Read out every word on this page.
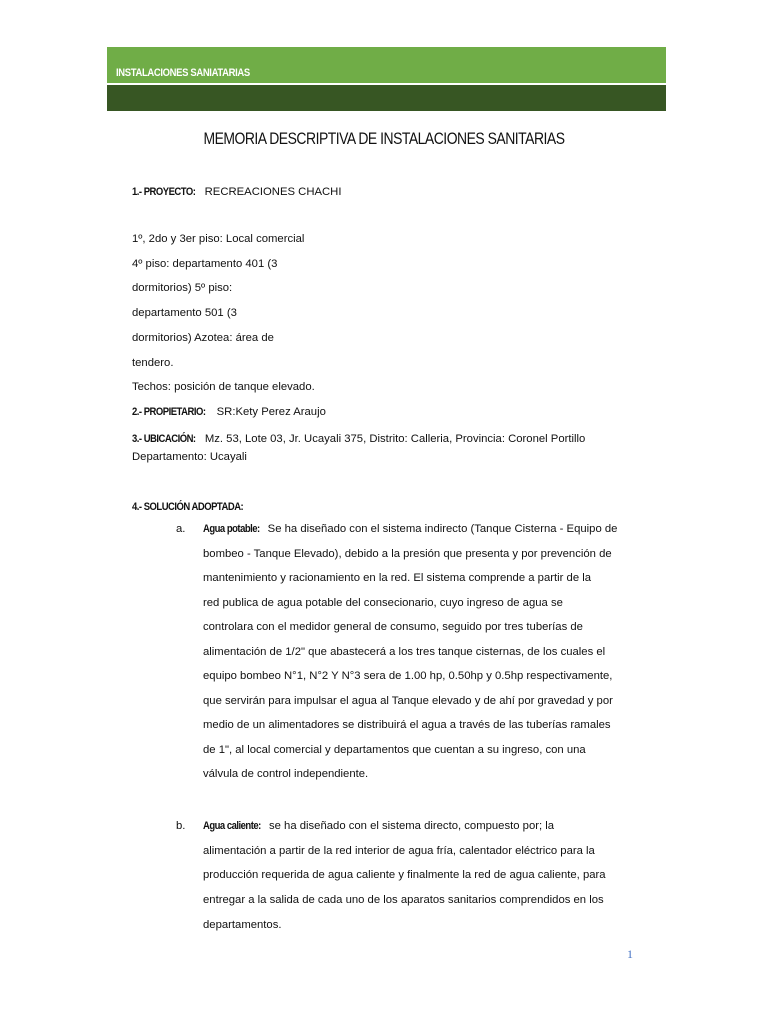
INSTALACIONES SANIATARIAS
MEMORIA DESCRIPTIVA DE INSTALACIONES SANITARIAS
1.- PROYECTO: RECREACIONES CHACHI
1º, 2do y 3er piso: Local comercial
4º piso: departamento 401 (3
dormitorios) 5º piso:
departamento 501 (3
dormitorios) Azotea: área de
tendero.
Techos: posición de tanque elevado.
2.- PROPIETARIO: SR:Kety Perez Araujo
3.- UBICACIÓN: Mz. 53, Lote 03, Jr. Ucayali 375, Distrito: Calleria, Provincia: Coronel Portillo
Departamento: Ucayali
4.- SOLUCIÓN ADOPTADA:
a. Agua potable: Se ha diseñado con el sistema indirecto (Tanque Cisterna - Equipo de
bombeo - Tanque Elevado), debido a la presión que presenta y por prevención de
mantenimiento y racionamiento en la red. El sistema comprende a partir de la
red publica de agua potable del consecionario, cuyo ingreso de agua se
controlara con el medidor general de consumo, seguido por tres tuberías de
alimentación de 1/2" que abastecerá a los tres tanque cisternas, de los cuales el
equipo bombeo N°1, N°2 Y N°3 sera de 1.00 hp, 0.50hp y 0.5hp respectivamente,
que servirán para impulsar el agua al Tanque elevado y de ahí por gravedad y por
medio de un alimentadores se distribuirá el agua a través de las tuberías ramales
de 1", al local comercial y departamentos que cuentan a su ingreso, con una
válvula de control independiente.
b. Agua caliente: se ha diseñado con el sistema directo, compuesto por; la
alimentación a partir de la red interior de agua fría, calentador eléctrico para la
producción requerida de agua caliente y finalmente la red de agua caliente, para
entregar a la salida de cada uno de los aparatos sanitarios comprendidos en los
departamentos.
1
